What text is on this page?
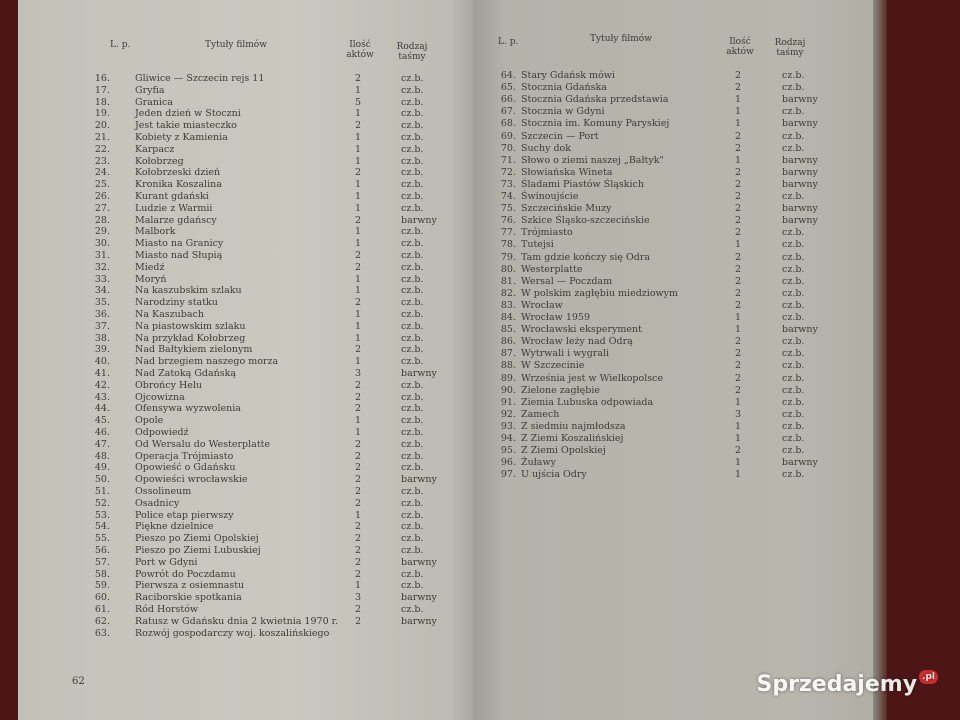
L. p.	Tytuły filmów	Ilość
aktów
Rodzaj
taśmy
L. p.	Tytuły filmów	Ilość
aktów
Rodzaj
taśmy
16.	Gliwice — Szczecin rejs 11	2	cz.b.
17.	Gryfia	1	cz.b.
18.	Granica	5	cz.b.
19.	Jeden dzień w Stoczni	1	cz.b.
20.	Jest takie miasteczko	2	cz.b.
21.	Kobiety z Kamienia	1	cz.b.
22.	Karpacz	1	cz.b.
23.	Kołobrzeg	1	cz.b.
24.	Kołobrzeski dzień	2	cz.b.
25.	Kronika Koszalina	1	cz.b.
26.	Kurant gdański	1	cz.b.
27.	Ludzie z Warmii	1	cz.b.
28.	Malarze gdańscy	2	barwny
29.	Malbork	1	cz.b.
30.	Miasto na Granicy	1	cz.b.
31.	Miasto nad Słupią	2	cz.b.
32.	Miedź	2	cz.b.
33.	Moryń	1	cz.b.
34.	Na kaszubskim szlaku	1	cz.b.
35.	Narodziny statku	2	cz.b.
36.	Na Kaszubach	1	cz.b.
37.	Na piastowskim szlaku	1	cz.b.
38.	Na przykład Kołobrzeg	1	cz.b.
39.	Nad Bałtykiem zielonym	2	cz.b.
40.	Nad brzegiem naszego morza	1	cz.b.
41.	Nad Zatoką Gdańską	3	barwny
42.	Obrońcy Helu	2	cz.b.
43.	Ojcowizna	2	cz.b.
44.	Ofensywa wyzwolenia	2	cz.b.
45.	Opole	1	cz.b.
46.	Odpowiedź	1	cz.b.
47.	Od Wersalu do Westerplatte	2	cz.b.
48.	Operacja Trójmiasto	2	cz.b.
49.	Opowieść o Gdańsku	2	cz.b.
50.	Opowieści wrocławskie	2	barwny
51.	Ossolineum	2	cz.b.
52.	Osadnicy	2	cz.b.
53.	Police etap pierwszy	1	cz.b.
54.	Piękne dzielnice	2	cz.b.
55.	Pieszo po Ziemi Opolskiej	2	cz.b.
56.	Pieszo po Ziemi Lubuskiej	2	cz.b.
57.	Port w Gdyni	2	barwny
58.	Powrót do Poczdamu	2	cz.b.
59.	Pierwsza z osiemnastu	1	cz.b.
60.	Raciborskie spotkania	3	barwny
61.	Ród Horstów	2	cz.b.
62.	Ratusz w Gdańsku dnia 2 kwietnia 1970 r.	2	barwny
63.	Rozwój gospodarczy woj. koszalińskiego
64. Stary Gdańsk mówi	2	cz.b.
65. Stocznia Gdańska	2	cz.b.
66. Stocznia Gdańska przedstawia	1	barwny
67. Stocznia w Gdyni	1	cz.b.
68. Stocznia im. Komuny Paryskiej	1	barwny
69. Szczecin — Port	2	cz.b.
70. Suchy dok	2	cz.b.
71. Słowo o ziemi naszej „Bałtyk"	1	barwny
72. Słowiańska Wineta	2	barwny
73. Śladami Piastów Śląskich	2	barwny
74. Świnoujście	2	cz.b.
75. Szczecińskie Muzy	2	barwny
76. Szkice Śląsko-szczecińskie	2	barwny
77. Trójmiasto	2	cz.b.
78. Tutejsi	1	cz.b.
79. Tam gdzie kończy się Odra	2	cz.b.
80. Westerplatte	2	cz.b.
81. Wersal — Poczdam	2	cz.b.
82. W polskim zagłębiu miedziowym	2	cz.b.
83. Wrocław	2	cz.b.
84. Wrocław 1959	1	cz.b.
85. Wrocławski eksperyment	1	barwny
86. Wrocław leży nad Odrą	2	cz.b.
87. Wytrwali i wygrali	2	cz.b.
88. W Szczecinie	2	cz.b.
89. Września jest w Wielkopolsce	2	cz.b.
90. Zielone zagłębie	2	cz.b.
91. Ziemia Lubuska odpowiada	1	cz.b.
92. Zamech	3	cz.b.
93. Z siedmiu najmłodsza	1	cz.b.
94. Z Ziemi Koszalińskiej	1	cz.b.
95. Z Ziemi Opolskiej	2	cz.b.
96. Żuławy	1	barwny
97. U ujścia Odry	1	cz.b.
62	Sprzedajemy $^{.pl}$
